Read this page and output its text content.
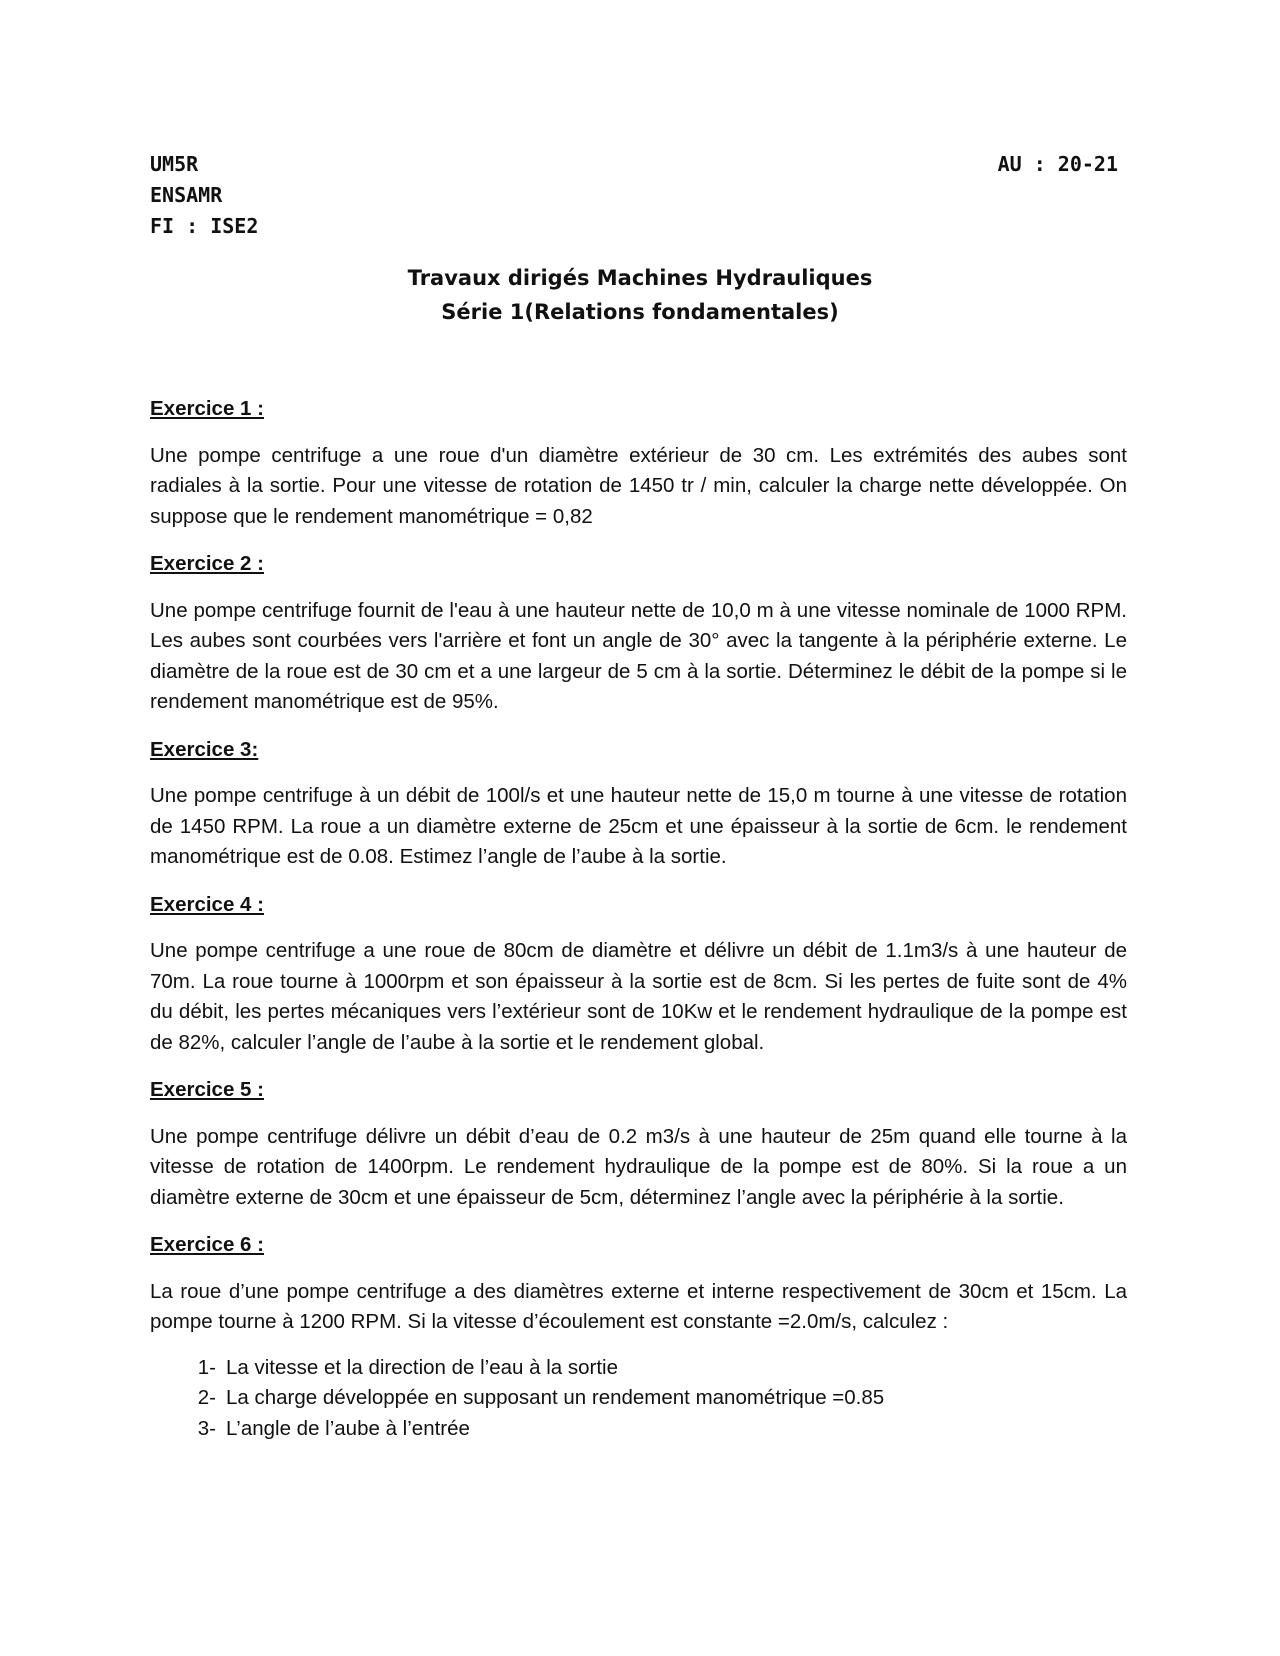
UM5R
ENSAMR
FI : ISE2
AU : 20-21
Travaux dirigés Machines Hydrauliques
Série 1(Relations fondamentales)
Exercice 1 :
Une pompe centrifuge a une roue d'un diamètre extérieur de 30 cm. Les extrémités des aubes sont radiales à la sortie. Pour une vitesse de rotation de 1450 tr / min, calculer la charge nette développée. On suppose que le rendement manométrique = 0,82
Exercice 2 :
Une pompe centrifuge fournit de l'eau à une hauteur nette de 10,0 m à une vitesse nominale de 1000 RPM. Les aubes sont courbées vers l'arrière et font un angle de 30° avec la tangente à la périphérie externe. Le diamètre de la roue est de 30 cm et a une largeur de 5 cm à la sortie. Déterminez le débit de la pompe si le rendement manométrique est de 95%.
Exercice 3:
Une pompe centrifuge à un débit de 100l/s et une hauteur nette de 15,0 m tourne à une vitesse de rotation de 1450 RPM. La roue a un diamètre externe de 25cm et une épaisseur à la sortie de 6cm. le rendement manométrique est de 0.08. Estimez l’angle de l’aube à la sortie.
Exercice 4 :
Une pompe centrifuge a une roue de 80cm de diamètre et délivre un débit de 1.1m3/s à une hauteur de 70m. La roue tourne à 1000rpm et son épaisseur à la sortie est de 8cm. Si les pertes de fuite sont de 4% du débit, les pertes mécaniques vers l’extérieur sont de 10Kw et le rendement hydraulique de la pompe est de 82%, calculer l’angle de l’aube à la sortie et le rendement global.
Exercice 5 :
Une pompe centrifuge délivre un débit d’eau de 0.2 m3/s à une hauteur de 25m quand elle tourne à la vitesse de rotation de 1400rpm. Le rendement hydraulique de la pompe est de 80%. Si la roue a un diamètre externe de 30cm et une épaisseur de 5cm, déterminez l’angle avec la périphérie à la sortie.
Exercice 6 :
La roue d’une pompe centrifuge a des diamètres externe et interne respectivement de 30cm et 15cm. La pompe tourne à 1200 RPM. Si la vitesse d’écoulement est constante =2.0m/s, calculez :
1- La vitesse et la direction de l’eau à la sortie
2- La charge développée en supposant un rendement manométrique =0.85
3- L’angle de l’aube à l’entrée
